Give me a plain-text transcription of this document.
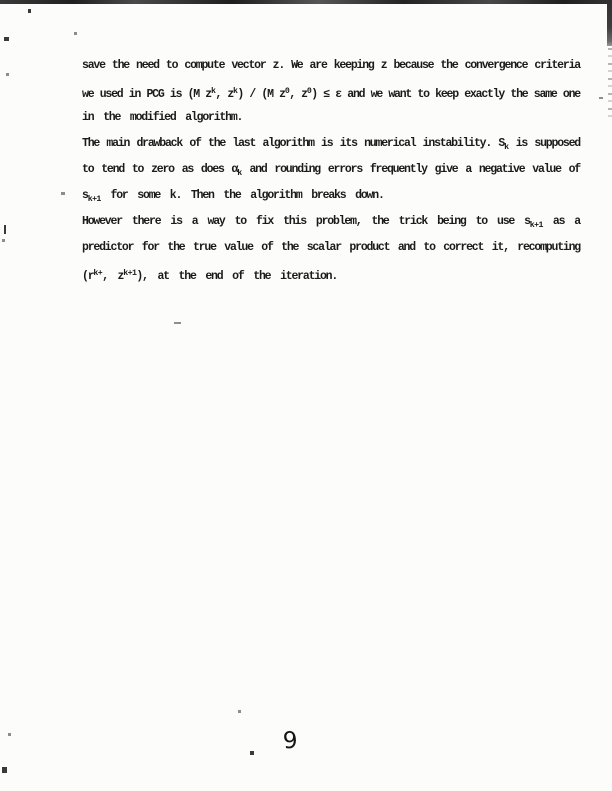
save the need to compute vector z. We are keeping z because the convergence criteria
we used in PCG is (M $z^k$, $z^k) / (M$ $z^0$, $z^0) \le \varepsilon$ and we want to keep exactly the same one
in the modified algorithm.
The main drawback of the last algorithm is its numerical instability. $S_k$ is supposed
to tend to zero as does $\alpha_k$ and rounding errors frequently give a negative value of
$s_{k+1}$ for some k. Then the algorithm breaks down.
However there is a way to fix this problem, the trick being to use $s_{k+1}$ as a
predictor for the true value of the scalar product and to correct it, recomputing
($r^{k+}$, $z^{k+1}$), at the end of the iteration.
9
